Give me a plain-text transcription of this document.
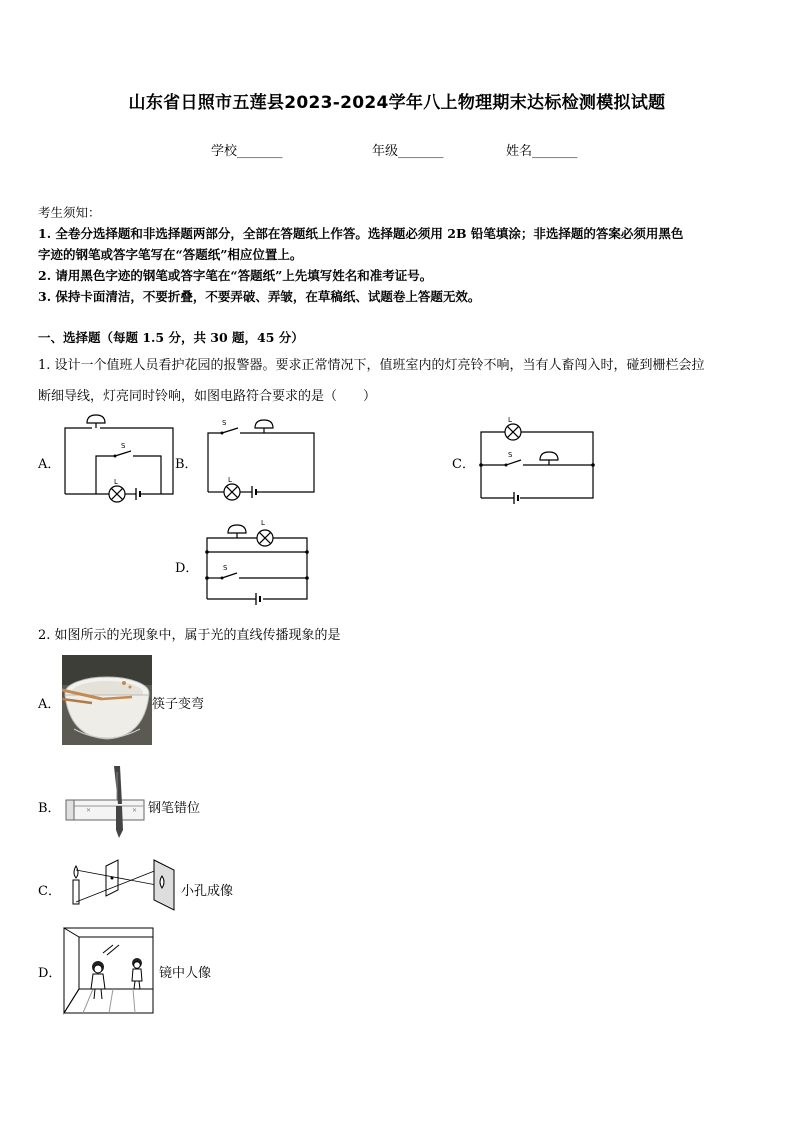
山东省日照市五莲县2023-2024学年八上物理期末达标检测模拟试题
学校_______	年级_______	姓名_______
考生须知：
1. 全卷分选择题和非选择题两部分，全部在答题纸上作答。选择题必须用 2B 铅笔填涂；非选择题的答案必须用黑色
字迹的钢笔或答字笔写在“答题纸”相应位置上。
2. 请用黑色字迹的钢笔或答字笔在“答题纸”上先填写姓名和准考证号。
3. 保持卡面清洁，不要折叠，不要弄破、弄皱，在草稿纸、试题卷上答题无效。
一、选择题（每题 1.5 分，共 30 题，45 分）
1. 设计一个值班人员看护花园的报警器。要求正常情况下，值班室内的灯亮铃不响，当有人畜闯入时，碰到栅栏会拉
断细导线，灯亮同时铃响，如图电路符合要求的是（　　）
A．	B．	C．
D．
L
S
S
L
L
S
L
S
2. 如图所示的光现象中，属于光的直线传播现象的是
A．	筷子变弯
B．	钢笔错位
✕	✕
C．	小孔成像
D．	镜中人像
